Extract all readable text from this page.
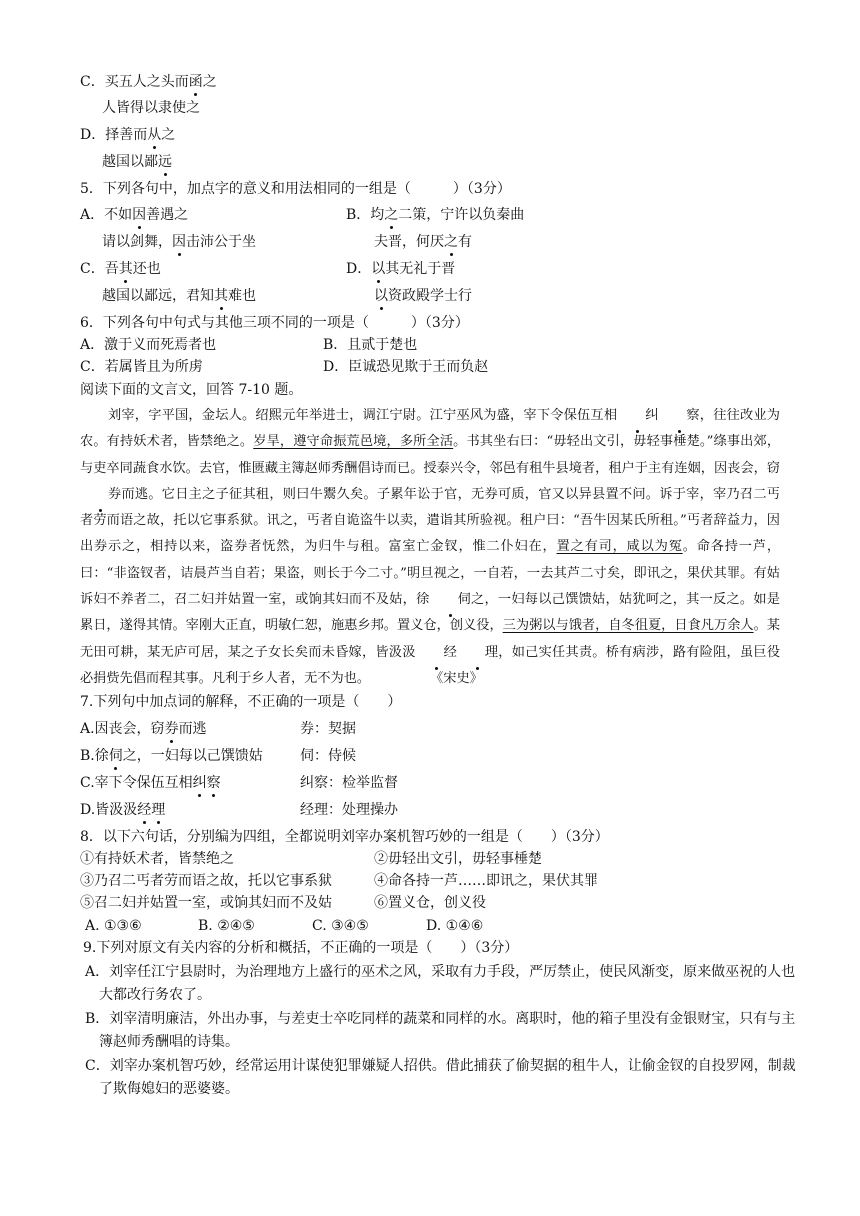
C．买五人之头而函之
人皆得以隶使之
D．择善而从之
越国以鄙远
5．下列各句中，加点字的意义和用法相同的一组是（　　　）（3分）
A．不如因善遇之	B．均之二策，宁许以负秦曲
请以剑舞，因击沛公于坐	夫晋，何厌之有
C．吾其还也	D．以其无礼于晋
越国以鄙远，君知其难也	以资政殿学士行
6．下列各句中句式与其他三项不同的一项是（　　　）（3分）
A．激于义而死焉者也	B．且贰于楚也
C．若属皆且为所虏	D．臣诚恐见欺于王而负赵
阅读下面的文言文，回答 7-10 题。

刘宰，字平国，金坛人。绍熙元年举进士，调江宁尉。江宁巫风为盛，宰下令保伍互相 纠 察，往往改业为农。有持妖术者，皆禁绝之。岁旱，遵守命振荒邑境，多所全活。书其坐右曰：“毋轻出文引，毋轻事棰楚。”绦事出郊，与吏卒同蔬食水饮。去官，惟匮藏主簿赵师秀酬倡诗而已。授泰兴令，邻邑有租牛县境者，租户于主有连姻，因丧会，窃券而逃。它日主之子征其租，则曰牛鬻久矣。子累年讼于官，无券可质，官又以异县置不问。诉于宰，宰乃召二丐者劳而语之故，托以它事系狱。讯之，丐者自诡盗牛以卖，遣诣其所验视。租户曰：“吾牛因某氏所租。”丐者辞益力，因出券示之，相持以来，盗券者怃然，为归牛与租。富室亡金钗，惟二仆妇在，置之有司，咸以为冤。命各持一芦，曰：“非盗钗者，诘晨芦当自若；果盗，则长于今二寸。”明旦视之，一自若，一去其芦二寸矣，即讯之，果伏其罪。有姑诉妇不养者二，召二妇并姑置一室，或饷其妇而不及姑，徐 伺之，一妇每以己馔馈姑，姑犹呵之，其一反之。如是累日，遂得其情。宰刚大正直，明敏仁恕，施惠乡邦。置义仓，创义役，三为粥以与饿者，自冬徂夏，日食凡万余人。某无田可耕，某无庐可居，某之子女长矣而未昏嫁，皆汲汲 经 理，如己实任其责。桥有病涉，路有险阻，虽巨役必捐赀先倡而程其事。凡利于乡人者，无不为也。	《宋史》

7.下列句中加点词的解释，不正确的一项是（　　）
A.因丧会，窃券而逃	券：契据
B.徐伺之，一妇每以己馔馈姑	伺：侍候
C.宰下令保伍互相纠察	纠察：检举监督
D.皆汲汲经理	经理：处理操办
8．以下六句话，分别编为四组，全都说明刘宰办案机智巧妙的一组是（　　）（3分）
①有持妖术者，皆禁绝之	②毋轻出文引，毋轻事棰楚
③乃召二丐者劳而语之故，托以它事系狱	④命各持一芦……即讯之，果伏其罪
⑤召二妇并姑置一室，或饷其妇而不及姑	⑥置义仓，创义役
A. ①③⑥	B. ②④⑤	C. ③④⑤	D. ①④⑥
9.下列对原文有关内容的分析和概括，不正确的一项是（　　）（3分）
A．刘宰任江宁县尉时，为治理地方上盛行的巫术之风，采取有力手段，严厉禁止，使民风渐变，原来做巫祝的人也大都改行务农了。
B．刘宰清明廉洁，外出办事，与差吏士卒吃同样的蔬菜和同样的水。离职时，他的箱子里没有金银财宝，只有与主簿赵师秀酬唱的诗集。
C．刘宰办案机智巧妙，经常运用计谋使犯罪嫌疑人招供。借此捕获了偷契据的租牛人，让偷金钗的自投罗网，制裁了欺侮媳妇的恶婆婆。
